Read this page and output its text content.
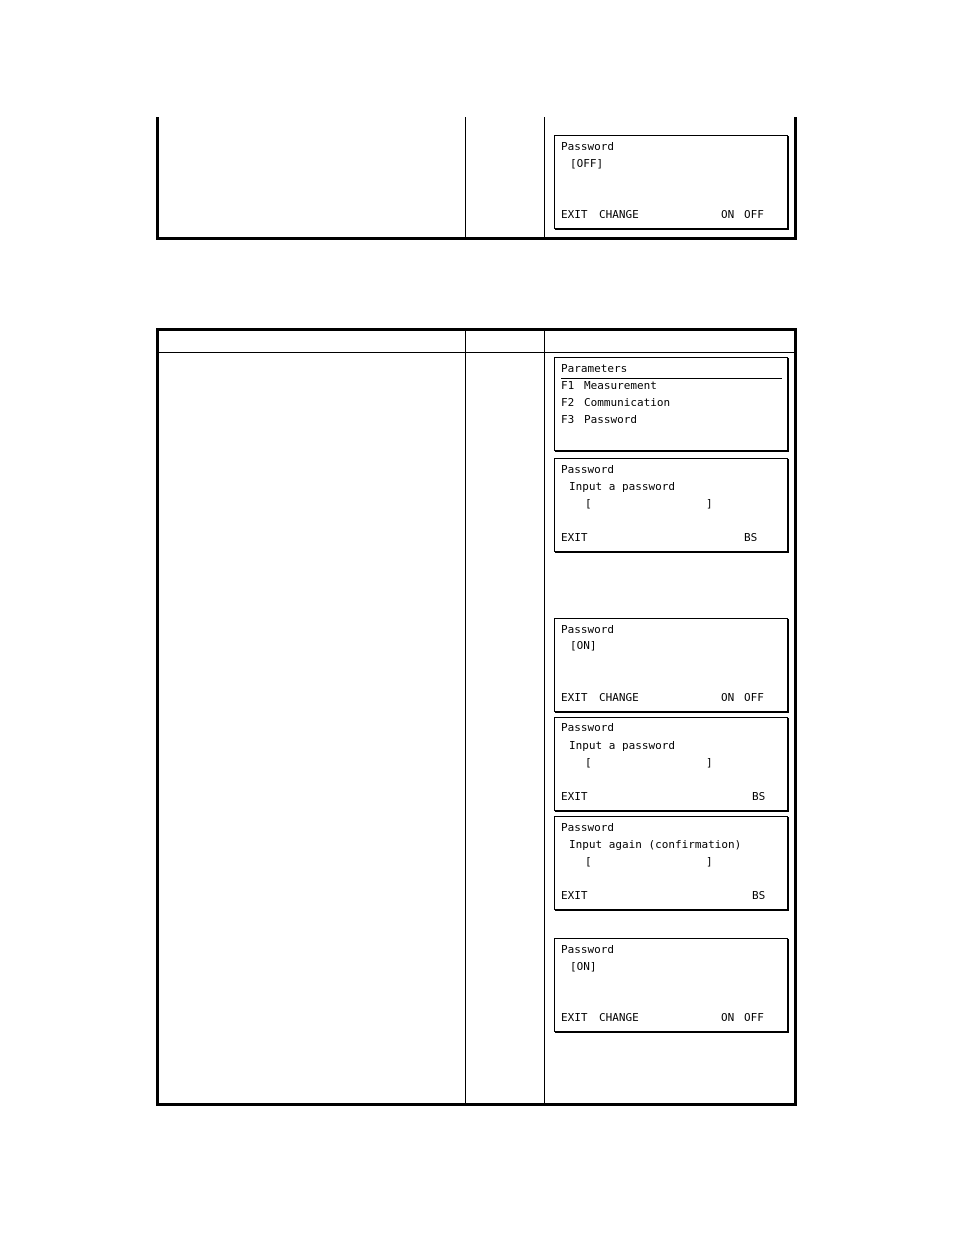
Password
[OFF]
EXIT CHANGE	ON OFF
Parameters
F1 Measurement
F2 Communication
F3 Password
Password
Input a password
[	]
EXIT	BS
Password
[ON]
EXIT CHANGE	ON OFF
Password
Input a password
[	]
EXIT	BS
Password
Input again (confirmation)
[	]
EXIT	BS
Password
[ON]
EXIT CHANGE	ON OFF
